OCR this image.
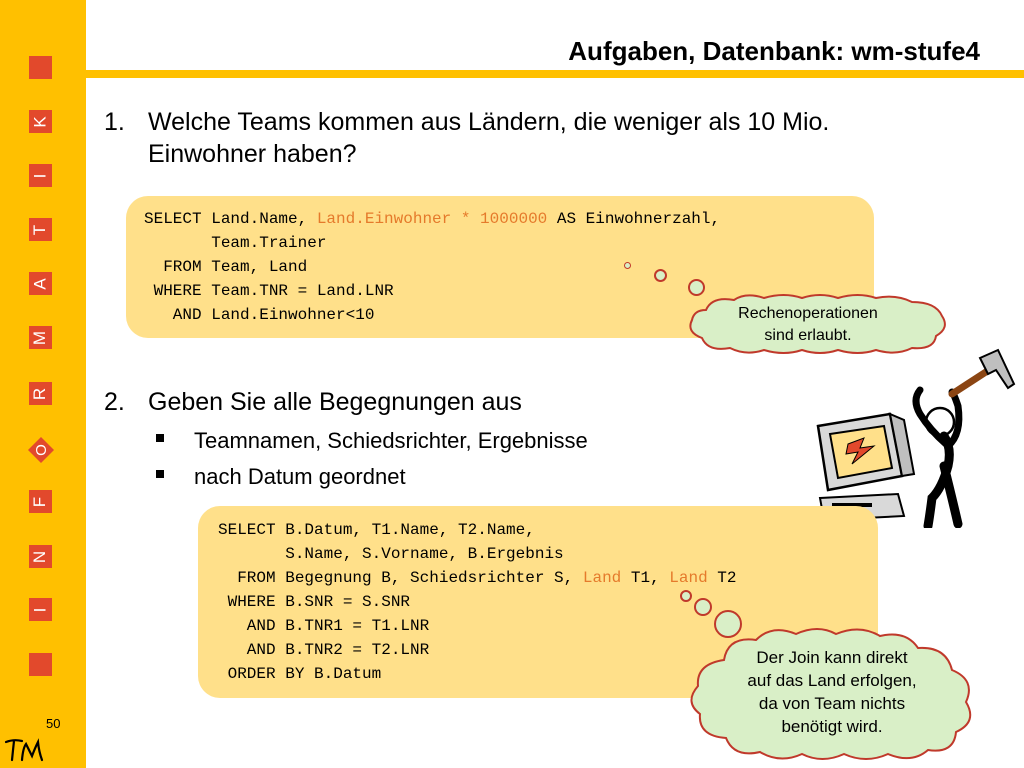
K
I
T
A
M
R
O
F
N
I
50
Aufgaben, Datenbank: wm-stufe4
1. Welche Teams kommen aus Ländern, die weniger als 10 Mio.
Einwohner haben?
SELECT Land.Name, Land.Einwohner * 1000000 AS Einwohnerzahl,
Team.Trainer
FROM Team, Land
WHERE Team.TNR = Land.LNR
AND Land.Einwohner<10	Rechenoperationen
sind erlaubt.
2. Geben Sie alle Begegnungen aus
Teamnamen, Schiedsrichter, Ergebnisse
nach Datum geordnet
SELECT B.Datum, T1.Name, T2.Name,
S.Name, S.Vorname, B.Ergebnis
FROM Begegnung B, Schiedsrichter S, Land T1, Land T2
WHERE B.SNR = S.SNR
AND B.TNR1 = T1.LNR
AND B.TNR2 = T2.LNR
ORDER BY B.Datum
Der Join kann direkt
auf das Land erfolgen,
da von Team nichts
benötigt wird.
